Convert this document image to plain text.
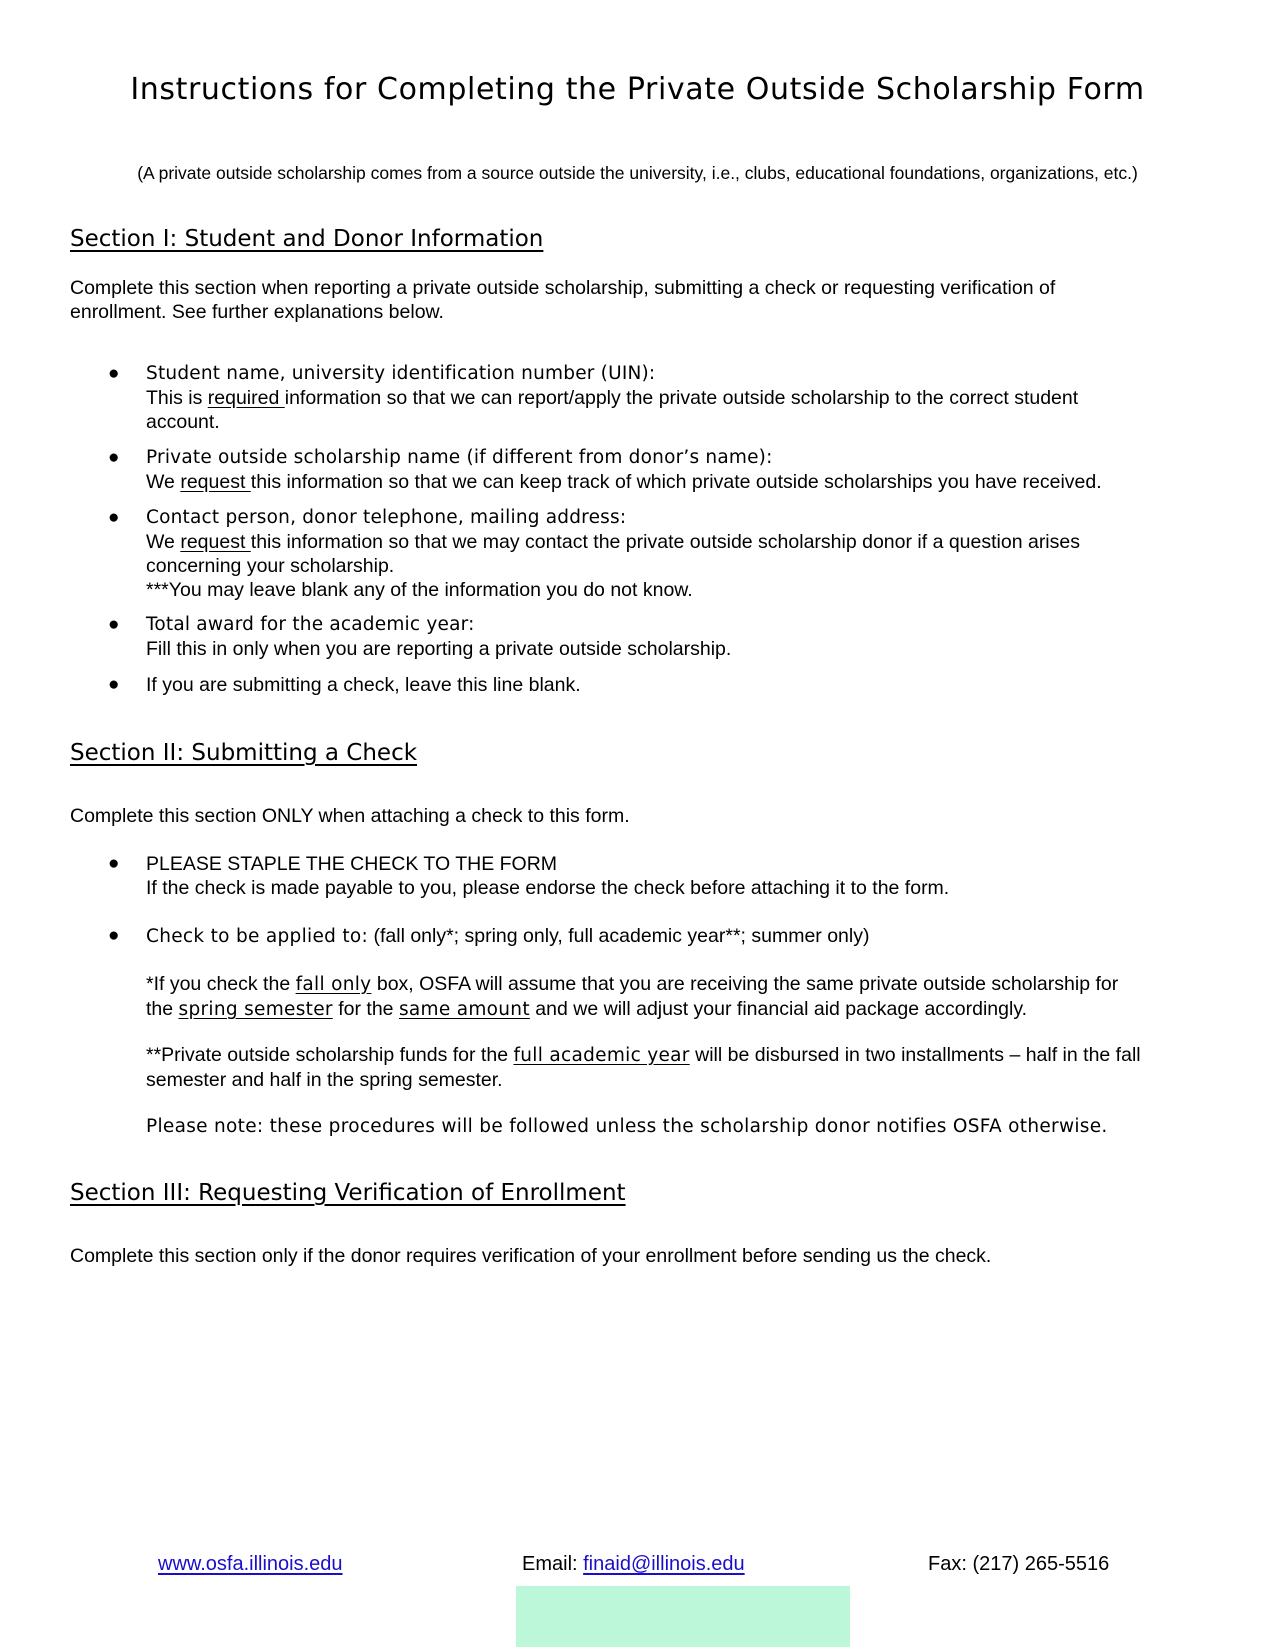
Instructions for Completing the Private Outside Scholarship Form

(A private outside scholarship comes from a source outside the university, i.e., clubs, educational foundations, organizations, etc.)

Section I: Student and Donor Information

Complete this section when reporting a private outside scholarship, submitting a check or requesting verification of
enrollment. See further explanations below.

● Student name, university identification number (UIN):
This is required information so that we can report/apply the private outside scholarship to the correct student
account.
● Private outside scholarship name (if different from donor’s name):
We request this information so that we can keep track of which private outside scholarships you have received.
● Contact person, donor telephone, mailing address:
We request this information so that we may contact the private outside scholarship donor if a question arises
concerning your scholarship.
***You may leave blank any of the information you do not know.
● Total award for the academic year:
Fill this in only when you are reporting a private outside scholarship.
● If you are submitting a check, leave this line blank.
Section II: Submitting a Check

Complete this section ONLY when attaching a check to this form.

● PLEASE STAPLE THE CHECK TO THE FORM
If the check is made payable to you, please endorse the check before attaching it to the form.
● Check to be applied to: (fall only*; spring only, full academic year**; summer only)

*If you check the fall only box, OSFA will assume that you are receiving the same private outside scholarship for
the spring semester for the same amount and we will adjust your financial aid package accordingly.

**Private outside scholarship funds for the full academic year will be disbursed in two installments – half in the fall
semester and half in the spring semester.

Please note: these procedures will be followed unless the scholarship donor notifies OSFA otherwise.

Section III: Requesting Verification of Enrollment

Complete this section only if the donor requires verification of your enrollment before sending us the check.

www.osfa.illinois.edu	Email: finaid@illinois.edu	Fax: (217) 265-5516
